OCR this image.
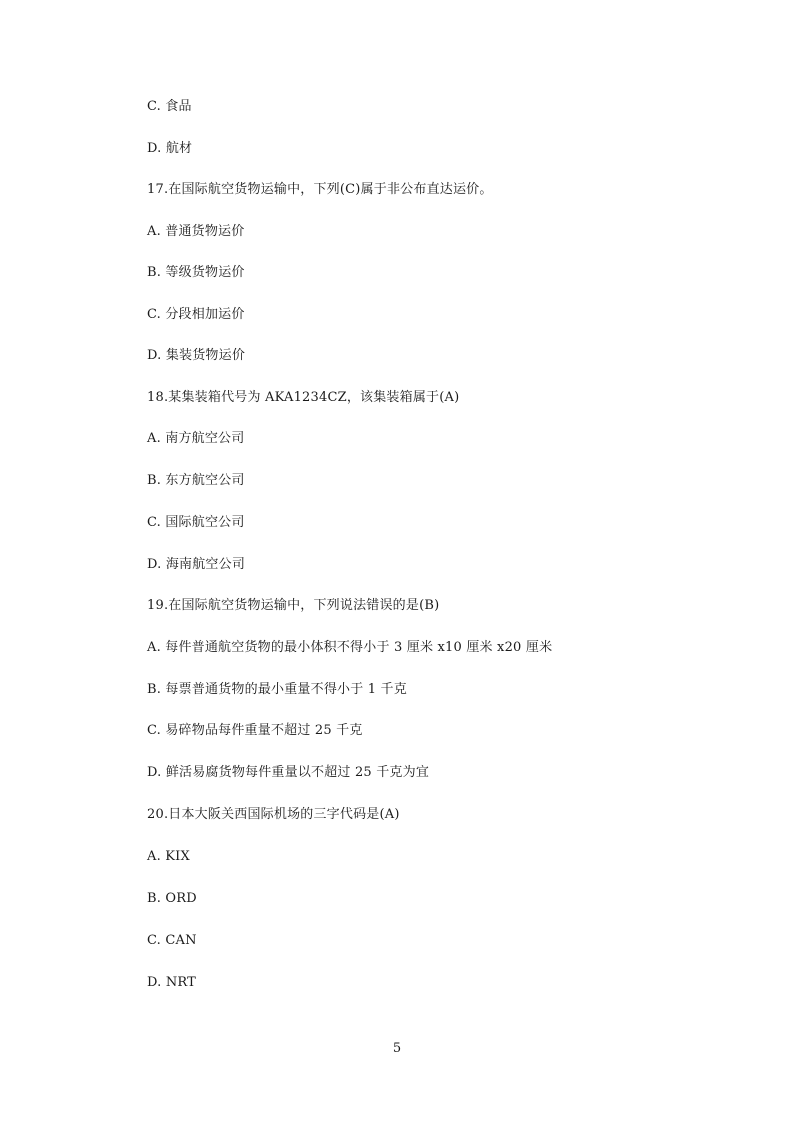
C. 食品
D. 航材
17.在国际航空货物运输中，下列(C)属于非公布直达运价。
A. 普通货物运价
B. 等级货物运价
C. 分段相加运价
D. 集装货物运价
18.某集装箱代号为 AKA1234CZ，该集装箱属于(A)
A. 南方航空公司
B. 东方航空公司
C. 国际航空公司
D. 海南航空公司
19.在国际航空货物运输中，下列说法错误的是(B)
A. 每件普通航空货物的最小体积不得小于 3 厘米 x10 厘米 x20 厘米
B. 每票普通货物的最小重量不得小于 1 千克
C. 易碎物品每件重量不超过 25 千克
D. 鲜活易腐货物每件重量以不超过 25 千克为宜
20.日本大阪关西国际机场的三字代码是(A)
A. KIX
B. ORD
C. CAN
D. NRT
5
